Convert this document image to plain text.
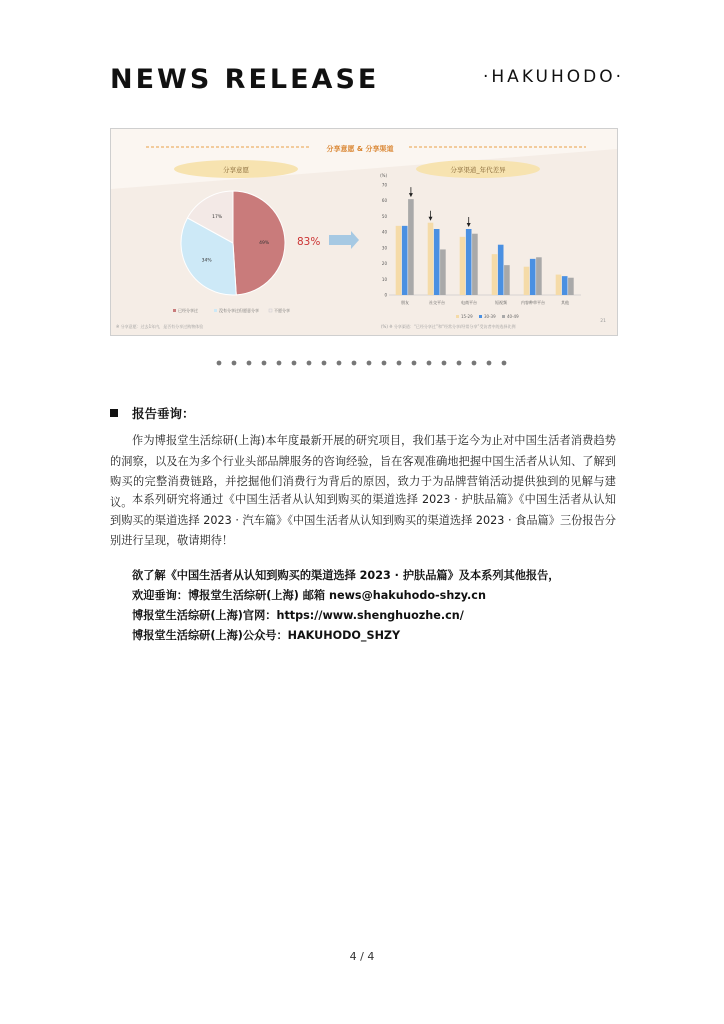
NEWS RELEASE	·HAKUHODO·
分享意愿 & 分享渠道
分享意愿	分享渠道_年代差异
49%
34%
17%
已经分享过	没有分享过但愿意分享	不愿分享
83%
70
60
50
40
30
20
10
0
(%)
朋友	社交平台	电商平台	短视频	内容种草平台	其他
15-29	30-39	40-49
※ 分享意愿：过去1年内，是否有分享过购物体验	(%) ※ 分享渠道：“已经分享过”和“经常分享/经常分享”受访者中的选择比例
21
报告垂询：

作为博报堂生活综研(上海)本年度最新开展的研究项目，我们基于迄今为止对中国生活者消费趋势的洞察，以及在为多个行业头部品牌服务的咨询经验，旨在客观准确地把握中国生活者从认知、了解到购买的完整消费链路，并挖掘他们消费行为背后的原因，致力于为品牌营销活动提供独到的见解与建议。 本系列研究将通过《中国生活者从认知到购买的渠道选择 2023 · 护肤品篇》《中国生活者从认知到购买的渠道选择 2023 · 汽车篇》《中国生活者从认知到购买的渠道选择 2023 · 食品篇》三份报告分别进行呈现，敬请期待！

欲了解《中国生活者从认知到购买的渠道选择 2023 · 护肤品篇》及本系列其他报告，
欢迎垂询：博报堂生活综研(上海) 邮箱 news@hakuhodo-shzy.cn
博报堂生活综研(上海)官网：https://www.shenghuozhe.cn/
博报堂生活综研(上海)公众号：HAKUHODO_SHZY
4 / 4
